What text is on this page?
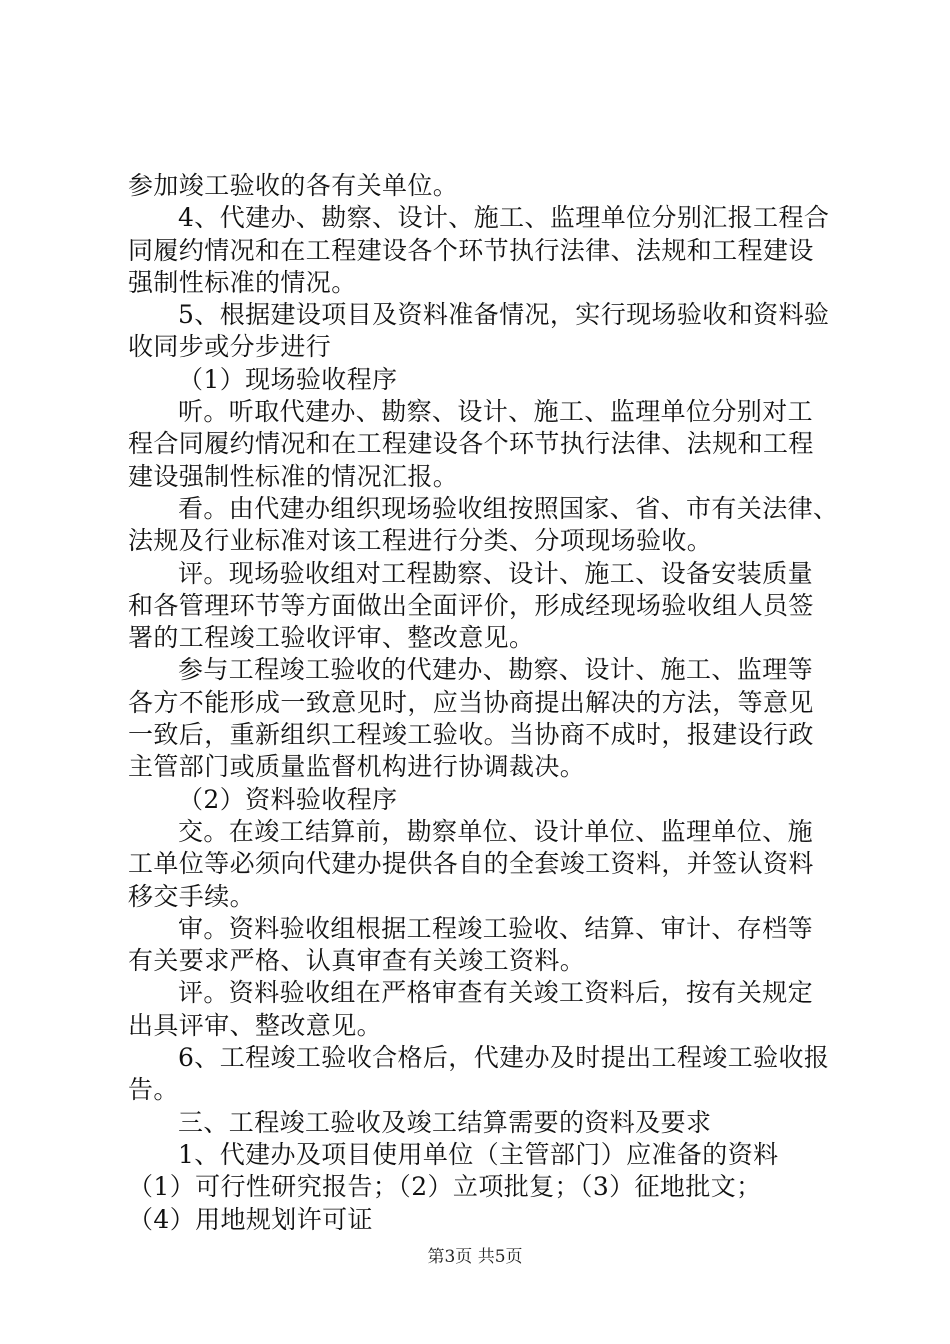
参加竣工验收的各有关单位。
4、代建办、勘察、设计、施工、监理单位分别汇报工程合
同履约情况和在工程建设各个环节执行法律、法规和工程建设
强制性标准的情况。
5、根据建设项目及资料准备情况，实行现场验收和资料验
收同步或分步进行
（1）现场验收程序
听。听取代建办、勘察、设计、施工、监理单位分别对工
程合同履约情况和在工程建设各个环节执行法律、法规和工程
建设强制性标准的情况汇报。
看。由代建办组织现场验收组按照国家、省、市有关法律、
法规及行业标准对该工程进行分类、分项现场验收。
评。现场验收组对工程勘察、设计、施工、设备安装质量
和各管理环节等方面做出全面评价，形成经现场验收组人员签
署的工程竣工验收评审、整改意见。
参与工程竣工验收的代建办、勘察、设计、施工、监理等
各方不能形成一致意见时，应当协商提出解决的方法，等意见
一致后，重新组织工程竣工验收。当协商不成时，报建设行政
主管部门或质量监督机构进行协调裁决。
（2）资料验收程序
交。在竣工结算前，勘察单位、设计单位、监理单位、施
工单位等必须向代建办提供各自的全套竣工资料，并签认资料
移交手续。
审。资料验收组根据工程竣工验收、结算、审计、存档等
有关要求严格、认真审查有关竣工资料。
评。资料验收组在严格审查有关竣工资料后，按有关规定
出具评审、整改意见。
6、工程竣工验收合格后，代建办及时提出工程竣工验收报
告。
三、工程竣工验收及竣工结算需要的资料及要求
1、代建办及项目使用单位（主管部门）应准备的资料
（1）可行性研究报告；（2）立项批复；（3）征地批文；
（4）用地规划许可证
第3页 共5页
